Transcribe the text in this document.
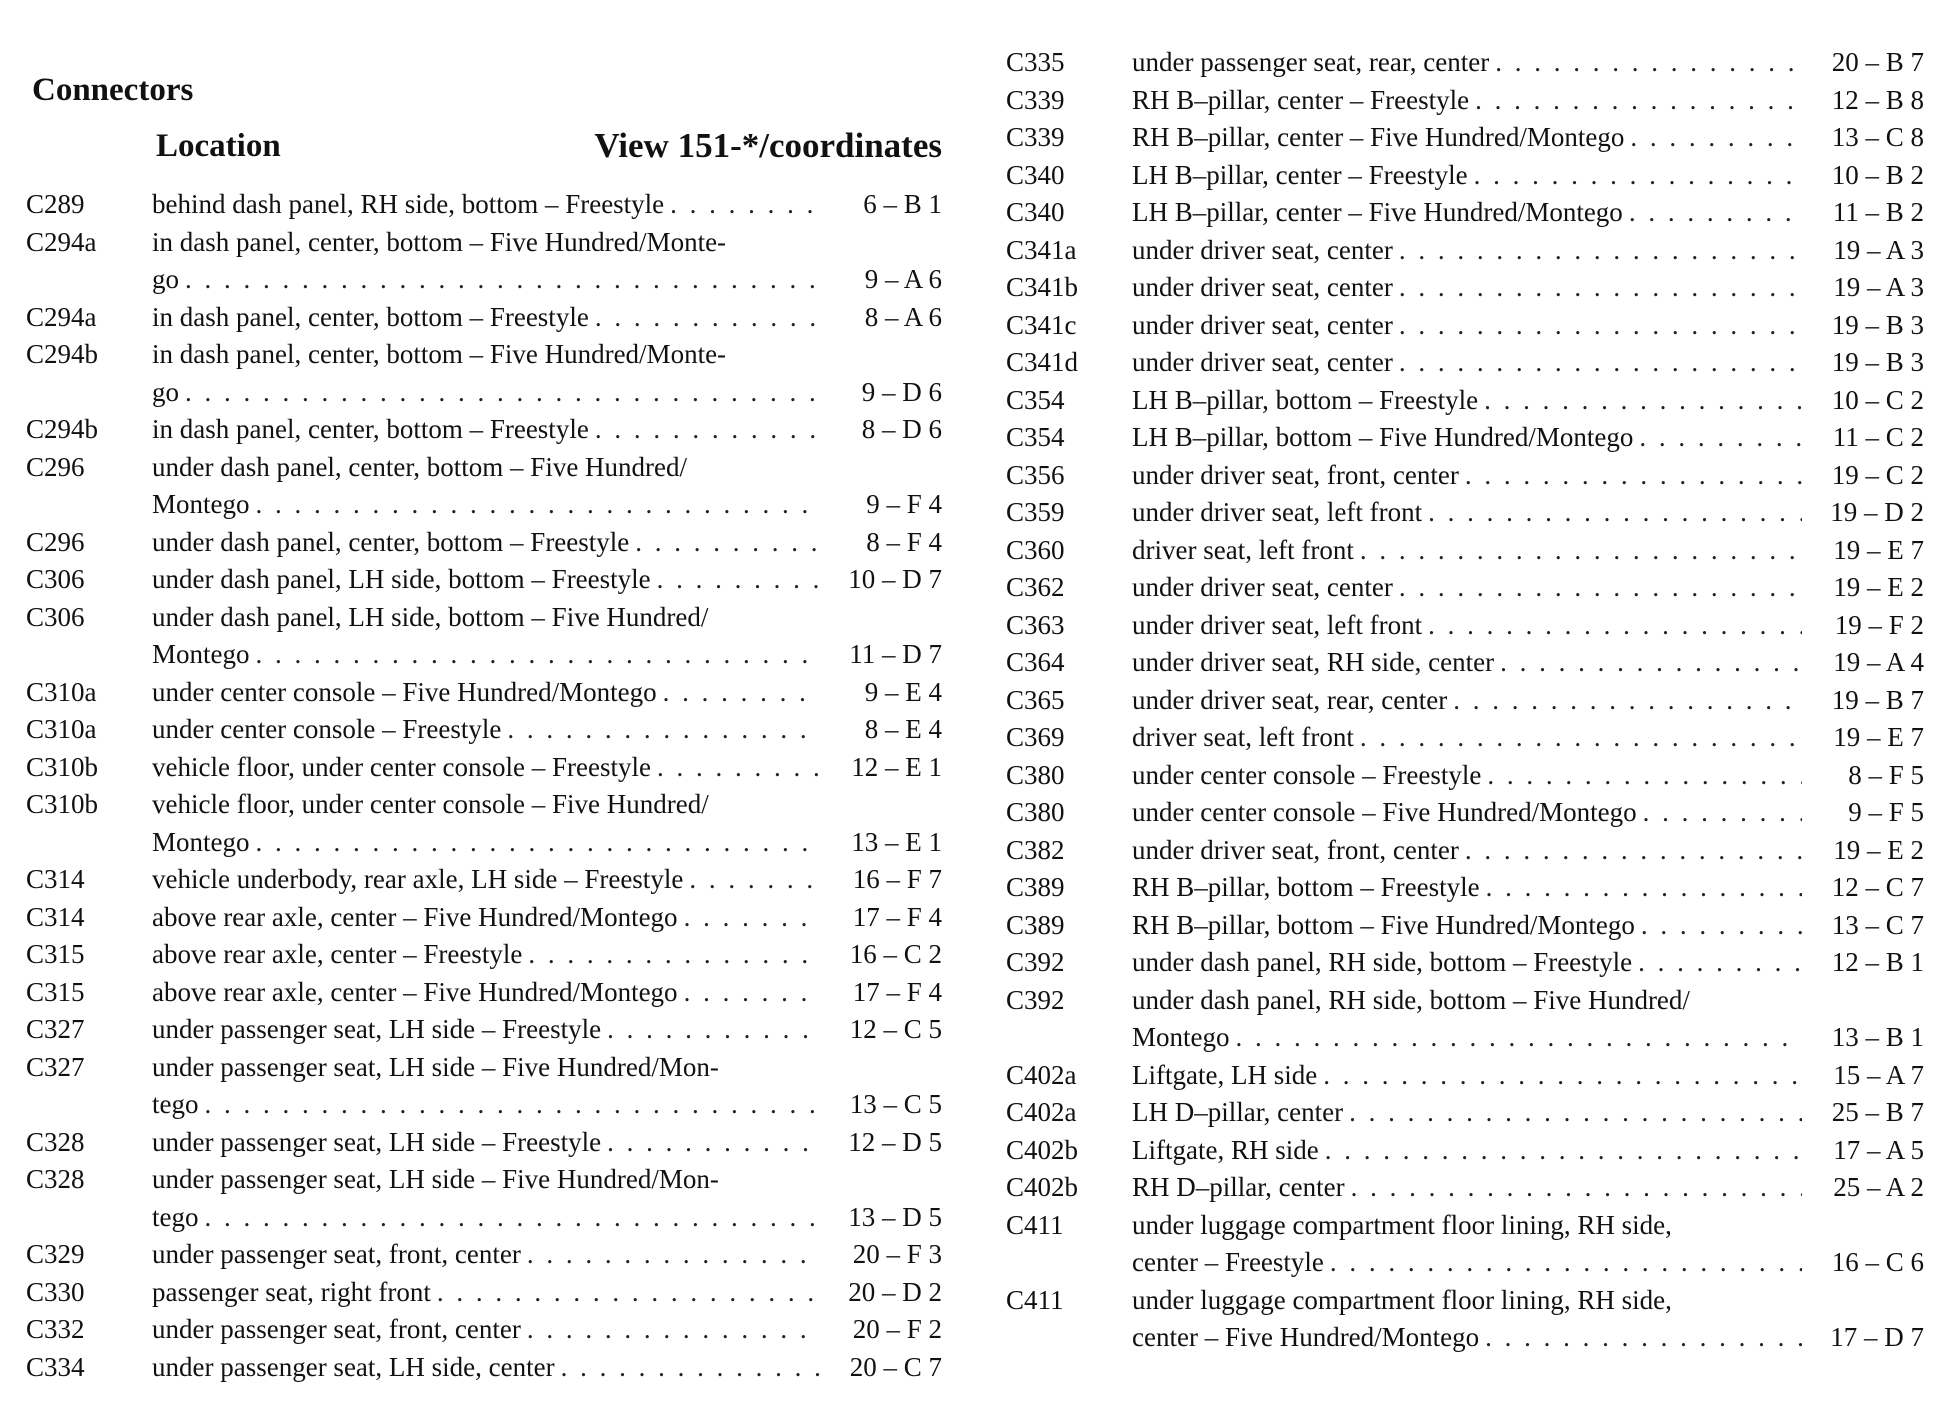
Connectors
Location	View 151-*/coordinates
C289	behind dash panel, RH side, bottom – Freestyle . . .	6 – B 1
C294a	in dash panel, center, bottom – Five Hundred/Monte-
go . . .	9 – A 6
C294a	in dash panel, center, bottom – Freestyle . . .	8 – A 6
C294b	in dash panel, center, bottom – Five Hundred/Monte-
go . . .	9 – D 6
C294b	in dash panel, center, bottom – Freestyle . . .	8 – D 6
C296	under dash panel, center, bottom – Five Hundred/
Montego . . .	9 – F 4
C296	under dash panel, center, bottom – Freestyle . . .	8 – F 4
C306	under dash panel, LH side, bottom – Freestyle . . .	10 – D 7
C306	under dash panel, LH side, bottom – Five Hundred/
Montego . . .	11 – D 7
C310a	under center console – Five Hundred/Montego . . .	9 – E 4
C310a	under center console – Freestyle . . .	8 – E 4
C310b	vehicle floor, under center console – Freestyle . . .	12 – E 1
C310b	vehicle floor, under center console – Five Hundred/
Montego . . .	13 – E 1
C314	vehicle underbody, rear axle, LH side – Freestyle . . .	16 – F 7
C314	above rear axle, center – Five Hundred/Montego . . .	17 – F 4
C315	above rear axle, center – Freestyle . . .	16 – C 2
C315	above rear axle, center – Five Hundred/Montego . . .	17 – F 4
C327	under passenger seat, LH side – Freestyle . . .	12 – C 5
C327	under passenger seat, LH side – Five Hundred/Mon-
tego . . .	13 – C 5
C328	under passenger seat, LH side – Freestyle . . .	12 – D 5
C328	under passenger seat, LH side – Five Hundred/Mon-
tego . . .	13 – D 5
C329	under passenger seat, front, center . . .	20 – F 3
C330	passenger seat, right front . . .	20 – D 2
C332	under passenger seat, front, center . . .	20 – F 2
C334	under passenger seat, LH side, center . . .	20 – C 7
C335	under passenger seat, rear, center . . .	20 – B 7
C339	RH B–pillar, center – Freestyle . . .	12 – B 8
C339	RH B–pillar, center – Five Hundred/Montego . . .	13 – C 8
C340	LH B–pillar, center – Freestyle . . .	10 – B 2
C340	LH B–pillar, center – Five Hundred/Montego . . .	11 – B 2
C341a	under driver seat, center . . .	19 – A 3
C341b	under driver seat, center . . .	19 – A 3
C341c	under driver seat, center . . .	19 – B 3
C341d	under driver seat, center . . .	19 – B 3
C354	LH B–pillar, bottom – Freestyle . . .	10 – C 2
C354	LH B–pillar, bottom – Five Hundred/Montego . . .	11 – C 2
C356	under driver seat, front, center . . .	19 – C 2
C359	under driver seat, left front . . .	19 – D 2
C360	driver seat, left front . . .	19 – E 7
C362	under driver seat, center . . .	19 – E 2
C363	under driver seat, left front . . .	19 – F 2
C364	under driver seat, RH side, center . . .	19 – A 4
C365	under driver seat, rear, center . . .	19 – B 7
C369	driver seat, left front . . .	19 – E 7
C380	under center console – Freestyle . . .	8 – F 5
C380	under center console – Five Hundred/Montego . . .	9 – F 5
C382	under driver seat, front, center . . .	19 – E 2
C389	RH B–pillar, bottom – Freestyle . . .	12 – C 7
C389	RH B–pillar, bottom – Five Hundred/Montego . . .	13 – C 7
C392	under dash panel, RH side, bottom – Freestyle . . .	12 – B 1
C392	under dash panel, RH side, bottom – Five Hundred/
Montego . . .	13 – B 1
C402a	Liftgate, LH side . . .	15 – A 7
C402a	LH D–pillar, center . . .	25 – B 7
C402b	Liftgate, RH side . . .	17 – A 5
C402b	RH D–pillar, center . . .	25 – A 2
C411	under luggage compartment floor lining, RH side,
center – Freestyle . . .	16 – C 6
C411	under luggage compartment floor lining, RH side,
center – Five Hundred/Montego . . .	17 – D 7
